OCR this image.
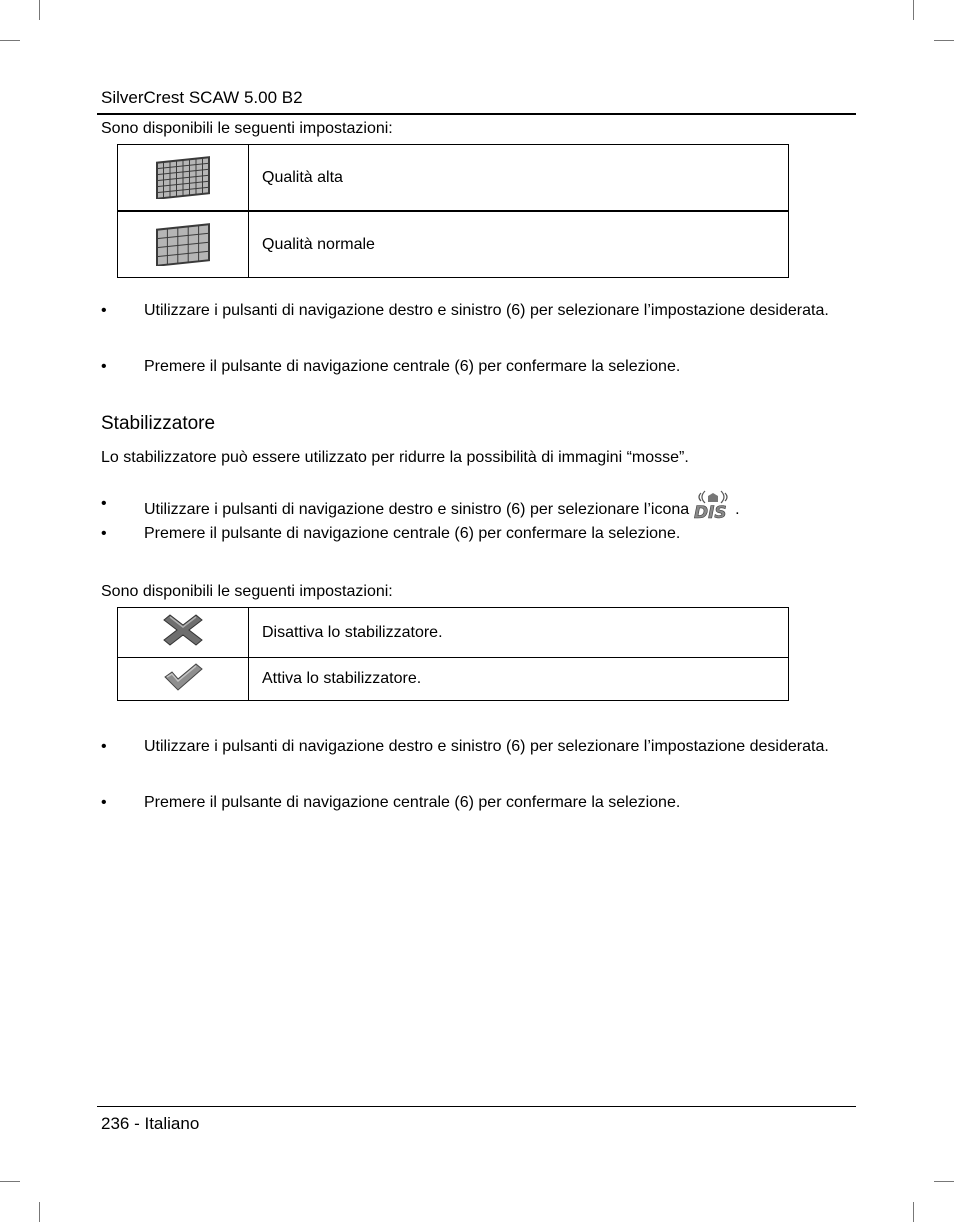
SilverCrest SCAW 5.00 B2
Sono disponibili le seguenti impostazioni:
	Qualità alta
	Qualità normale
•	Utilizzare i pulsanti di navigazione destro e sinistro (6) per selezionare l’impostazione desiderata.
•	Premere il pulsante di navigazione centrale (6) per confermare la selezione.
Stabilizzatore
Lo stabilizzatore può essere utilizzato per ridurre la possibilità di immagini “mosse”.
•	Utilizzare i pulsanti di navigazione destro e sinistro (6) per selezionare l’icona DIS .
•	Premere il pulsante di navigazione centrale (6) per confermare la selezione.
Sono disponibili le seguenti impostazioni:
	Disattiva lo stabilizzatore.
	Attiva lo stabilizzatore.
•	Utilizzare i pulsanti di navigazione destro e sinistro (6) per selezionare l’impostazione desiderata.
•	Premere il pulsante di navigazione centrale (6) per confermare la selezione.
236 - Italiano
